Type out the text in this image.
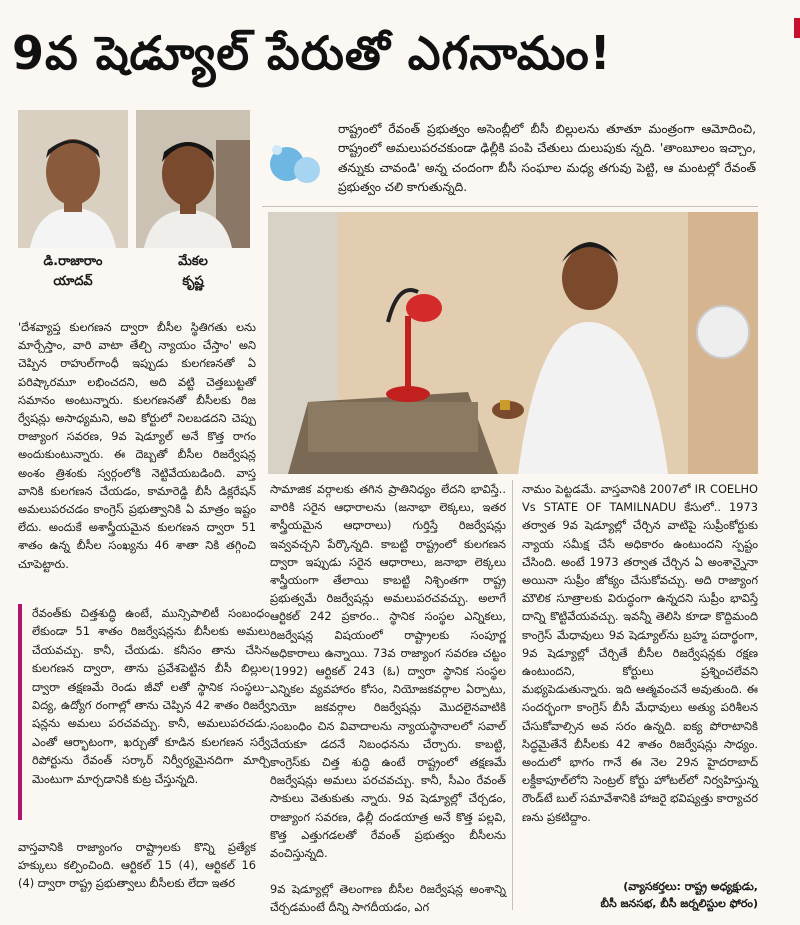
9వ షెడ్యూల్ పేరుతో ఎగనామం!
డి.రాజారాం
యాదవ్
మేకల
కృష్ణ
రాష్ట్రంలో రేవంత్ ప్రభుత్వం అసెంబ్లీలో బీసీ బిల్లులను తూతూ మంత్రంగా ఆమోదించి, రాష్ట్రంలో అమలుపరచకుండా ఢిల్లీకి పంపి చేతులు దులుపుకు న్నది. 'తాంబూలం ఇచ్చాం, తన్నుకు చావండి' అన్న చందంగా బీసీ సంఘాల మధ్య తగువు పెట్టి, ఆ మంటల్లో రేవంత్ ప్రభుత్వం చలి కాగుతున్నది.

'దేశవ్యాప్త కులగణన ద్వారా బీసీల స్థితిగతు లను మార్చేస్తాం, వారి వాటా తేల్చి న్యాయం చేస్తాం' అని చెప్పిన రాహుల్‌గాంధీ ఇప్పుడు కులగణనతో ఏ పరిష్కారమూ లభించదని, అది వట్టి చెత్తబుట్టతో సమానం అంటున్నారు. కులగణనతో బీసీలకు రిజ ర్వేషన్లు అసాధ్యమని, అవి కోర్టులో నిలబడదని చెప్పు రాజ్యాంగ సవరణ, 9వ షెడ్యూల్ అనే కొత్త రాగం అందుకుంటున్నారు. ఈ దెబ్బతో బీసీల రిజర్వేషన్ల అంశం త్రిశంకు స్వర్గంలోకి నెట్టివేయబడింది. వాస్త వానికి కులగణన చేయడం, కామారెడ్డి బీసీ డిక్లరేషన్ అమలుపరచడం కాంగ్రెస్ ప్రభుత్వానికి ఏ మాత్రం ఇష్టం లేదు. అందుకే అశాస్త్రీయమైన కులగణన ద్వారా 51 శాతం ఉన్న బీసీల సంఖ్యను 46 శాతా నికి తగ్గించి చూపెట్టారు.

రేవంత్‌కు చిత్తశుద్ధి ఉంటే, మున్సిపాలిటీ సంబంధం లేకుండా 51 శాతం రిజర్వేషన్లను బీసీలకు అమలు చేయవచ్చు. కానీ, చేయడు. కనీసం తాను చేసిన కులగణన ద్వారా, తాను ప్రవేశపెట్టిన బీసీ బిల్లుల ద్వారా తక్షణమే రెండు జీవో లతో స్థానిక సంస్థలు–విద్య, ఉద్యోగ రంగాల్లో తాను చెప్పిన 42 శాతం రిజర్వే షన్లను అమలు పరచవచ్చు. కానీ, అమలుపరచడు. ఎంతో ఆర్భాటంగా, ఖర్చుతో కూడిన కులగణన సర్వే రిపోర్టును రేవంత్ సర్కార్ నిర్వీర్యమైనదిగా మార్చి మెంటుగా మార్చడానికి కుట్ర చేస్తున్నది.
వాస్తవానికి రాజ్యాంగం రాష్ట్రాలకు కొన్ని ప్రత్యేక హక్కులు కల్పించింది. ఆర్టికల్ 15 (4), ఆర్టికల్ 16 (4) ద్వారా రాష్ట్ర ప్రభుత్వాలు బీసీలకు లేదా ఇతర
సామాజిక వర్గాలకు తగిన ప్రాతినిధ్యం లేదని భావిస్తే.. వారికి సరైన ఆధారాలను (జనాభా లెక్కలు, ఇతర శాస్త్రీయమైన ఆధారాలు) గుర్తిస్తే రిజర్వేషన్లు ఇవ్వవచ్చని పేర్కొన్నది. కాబట్టి రాష్ట్రంలో కులగణన ద్వారా ఇప్పుడు సరైన ఆధారాలు, జనాభా లెక్కలు శాస్త్రీయంగా తేలాయి కాబట్టి నిశ్చింతగా రాష్ట్ర ప్రభుత్వమే రిజర్వేషన్లు అమలుపరచవచ్చు. అలాగే ఆర్టికల్ 242 ప్రకారం.. స్థానిక సంస్థల ఎన్నికలు, రిజర్వేషన్ల విషయంలో రాష్ట్రాలకు సంపూర్ణ అధికారాలు ఉన్నాయి. 73వ రాజ్యాంగ సవరణ చట్టం (1992) ఆర్టికల్ 243 (ఓ) ద్వారా స్థానిక సంస్థల ఎన్నికల వ్యవహారం కోసం, నియోజకవర్గాల ఏర్పాటు, నియో జకవర్గాల రిజర్వేషన్లు మొదలైనవాటికి సంబంధిం చిన వివాదాలను న్యాయస్థానాలలో సవాల్ చేయకూ డదనే నిబంధనను చేర్చారు. కాబట్టి, కాంగ్రెస్‌కు చిత్త శుద్ధి ఉంటే రాష్ట్రంలో తక్షణమే రిజర్వేషన్లు అమలు పరచవచ్చు. కానీ, సీఎం రేవంత్ సాకులు వెతుకుతు న్నారు. 9వ షెడ్యూల్లో చేర్చడం, రాజ్యాంగ సవరణ, ఢిల్లీ దండయాత్ర అనే కొత్త పల్లవి, కొత్త ఎత్తుగడలతో రేవంత్ ప్రభుత్వం బీసీలను వంచిస్తున్నది.
9వ షెడ్యూల్లో తెలంగాణ బీసీల రిజర్వేషన్ల అంశాన్ని చేర్చడమంటే దీన్ని సాగదీయడం, ఎగ
నామం పెట్టడమే. వాస్తవానికి 2007లో IR COELHO Vs STATE OF TAMILNADU కేసులో.. 1973 తర్వాత 9వ షెడ్యూల్లో చేర్చిన వాటిపై సుప్రీంకోర్టుకు న్యాయ సమీక్ష చేసే అధికారం ఉంటుందని స్పష్టం చేసింది. అంటే 1973 తర్వాత చేర్చిన ఏ అంశాన్నైనా అయినా సుప్రీం జోక్యం చేసుకోవచ్చు. అది రాజ్యాంగ మౌలిక సూత్రాలకు విరుద్ధంగా ఉన్నదని సుప్రీం భావిస్తే దాన్ని కొట్టివేయవచ్చు. ఇవన్నీ తెలిసి కూడా కొద్దిమంది కాంగ్రెస్ మేధావులు 9వ షెడ్యూల్‌ను బ్రహ్మ పదార్థంగా, 9వ షెడ్యూల్లో చేర్చితే బీసీల రిజర్వేషన్లకు రక్షణ ఉంటుందని, కోర్టులు ప్రశ్నించలేవని మభ్యపెడుతున్నారు. ఇది ఆత్మవంచనే అవుతుంది. ఈ సందర్భంగా కాంగ్రెస్ బీసీ మేధావులు అత్యు పరిశీలన చేసుకోవాల్సిన అవ సరం ఉన్నది. ఐక్య పోరాటానికి సిద్ధమైతేనే బీసీలకు 42 శాతం రిజర్వేషన్లు సాధ్యం. అందులో భాగం గానే ఈ నెల 29న హైదరాబాద్ లక్డీకాపూల్‌లోని సెంట్రల్ కోర్టు హోటల్‌లో నిర్వహిస్తున్న రౌండ్‌టే బుల్ సమావేశానికి హాజరై భవిష్యత్తు కార్యాచర ణను ప్రకటిద్దాం.
(వ్యాసకర్తలు: రాష్ట్ర అధ్యక్షుడు,
బీసీ జనసభ, బీసీ జర్నలిస్టుల ఫోరం)
